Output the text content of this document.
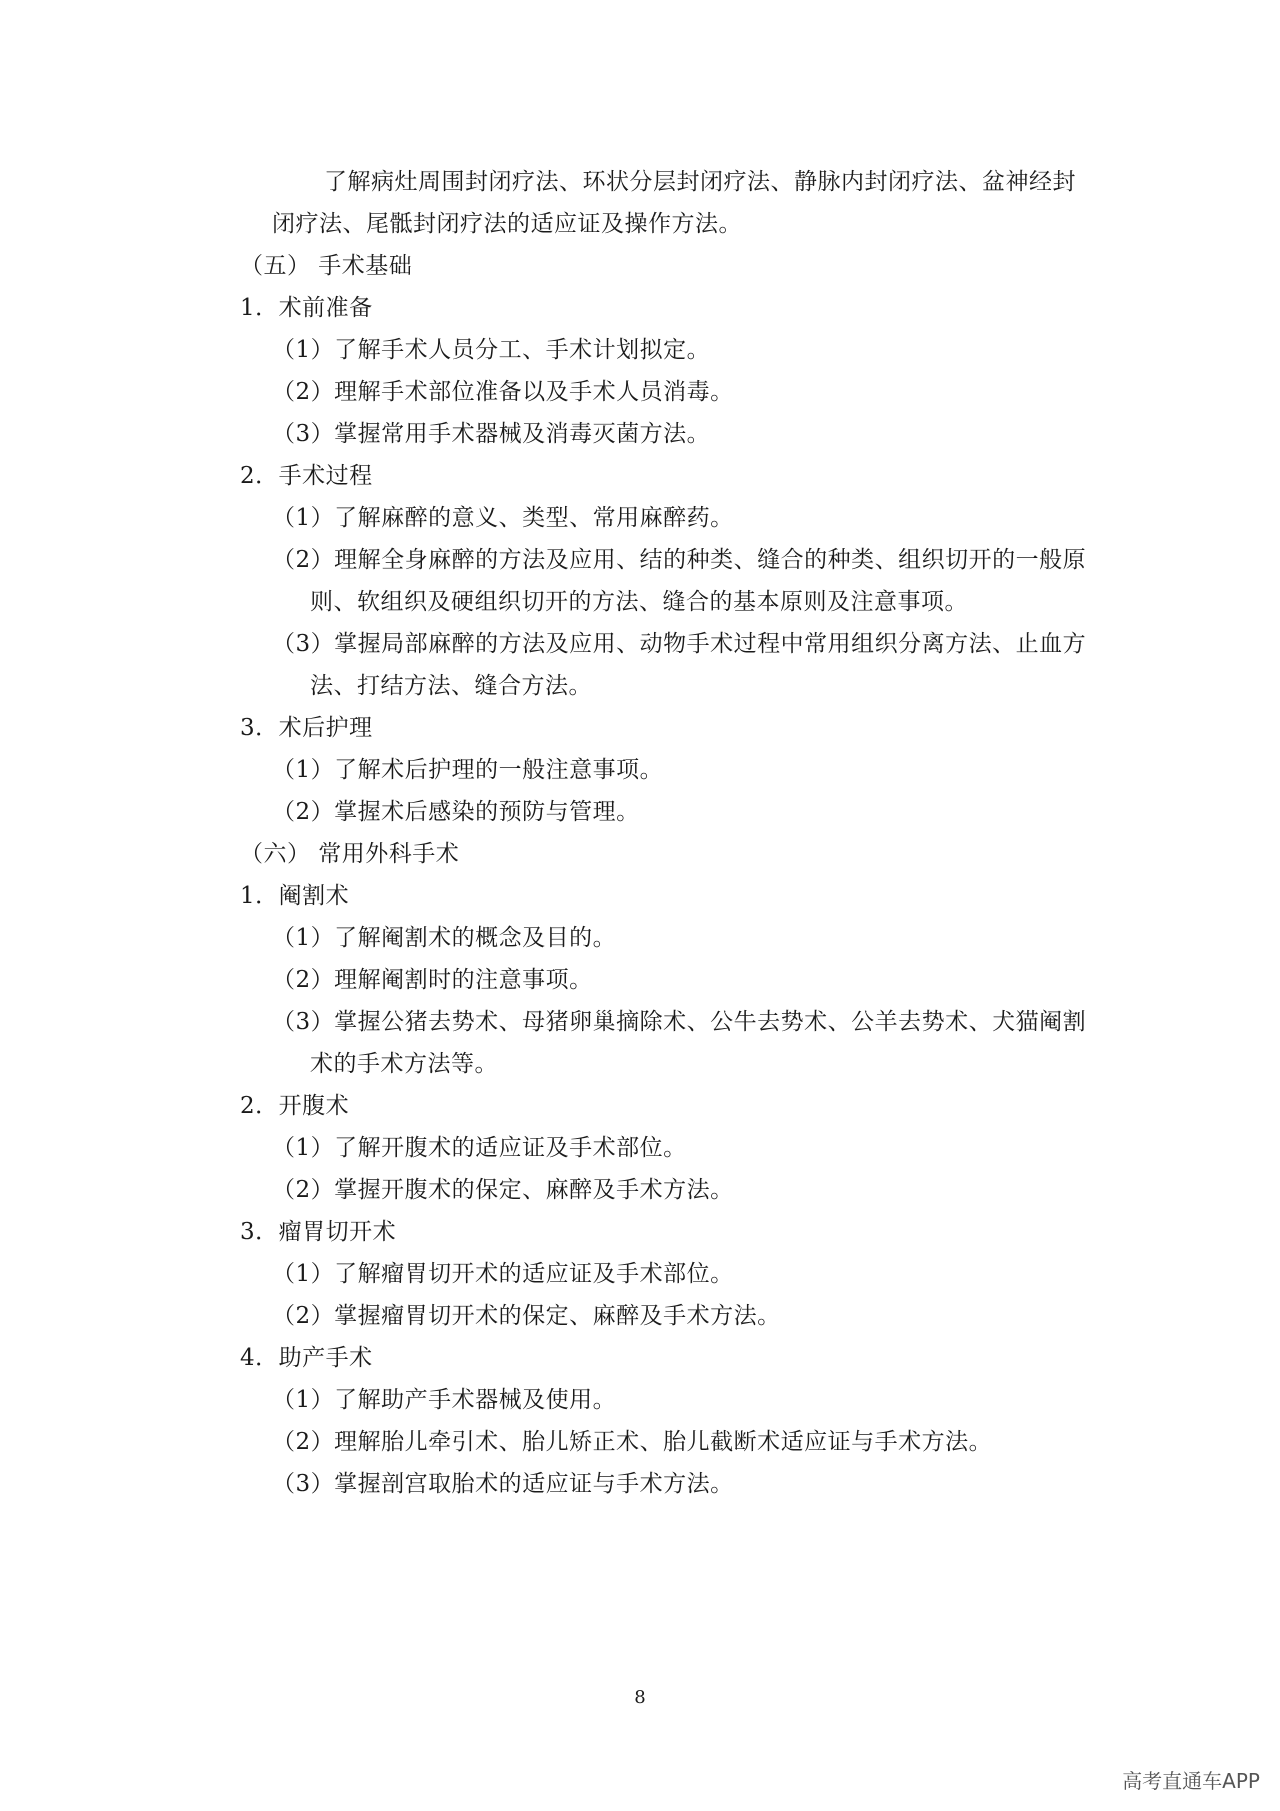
了解病灶周围封闭疗法、环状分层封闭疗法、静脉内封闭疗法、盆神经封
闭疗法、尾骶封闭疗法的适应证及操作方法。
（五） 手术基础
1．术前准备
（1）了解手术人员分工、手术计划拟定。
（2）理解手术部位准备以及手术人员消毒。
（3）掌握常用手术器械及消毒灭菌方法。
2．手术过程
（1）了解麻醉的意义、类型、常用麻醉药。
（2）理解全身麻醉的方法及应用、结的种类、缝合的种类、组织切开的一般原
则、软组织及硬组织切开的方法、缝合的基本原则及注意事项。
（3）掌握局部麻醉的方法及应用、动物手术过程中常用组织分离方法、止血方
法、打结方法、缝合方法。
3．术后护理
（1）了解术后护理的一般注意事项。
（2）掌握术后感染的预防与管理。
（六） 常用外科手术
1．阉割术
（1）了解阉割术的概念及目的。
（2）理解阉割时的注意事项。
（3）掌握公猪去势术、母猪卵巢摘除术、公牛去势术、公羊去势术、犬猫阉割
术的手术方法等。
2．开腹术
（1）了解开腹术的适应证及手术部位。
（2）掌握开腹术的保定、麻醉及手术方法。
3．瘤胃切开术
（1）了解瘤胃切开术的适应证及手术部位。
（2）掌握瘤胃切开术的保定、麻醉及手术方法。
4．助产手术
（1）了解助产手术器械及使用。
（2）理解胎儿牵引术、胎儿矫正术、胎儿截断术适应证与手术方法。
（3）掌握剖宫取胎术的适应证与手术方法。
8
高考直通车APP
